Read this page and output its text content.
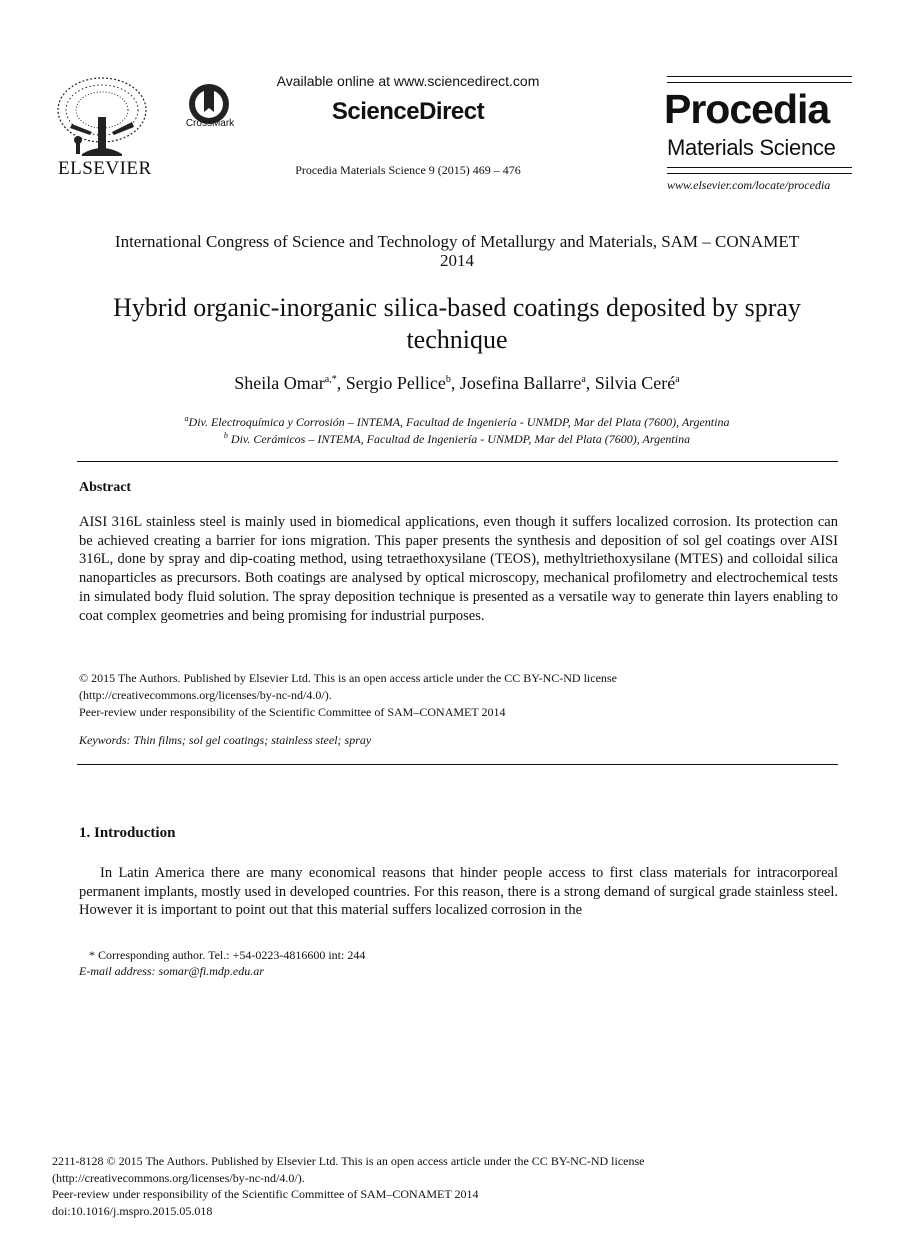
ELSEVIER
CrossMark
Available online at www.sciencedirect.com
ScienceDirect
Procedia Materials Science 9 (2015) 469 – 476
Procedia
Materials Science
www.elsevier.com/locate/procedia
International Congress of Science and Technology of Metallurgy and Materials, SAM – CONAMET 2014
Hybrid organic-inorganic silica-based coatings deposited by spray technique
Sheila Omar$^{a,*}$, Sergio Pellice$^b$, Josefina Ballarre$^a$, Silvia Ceré$^a$
$^a$Div. Electroquímica y Corrosión – INTEMA, Facultad de Ingeniería - UNMDP, Mar del Plata (7600), Argentina
$^b$ Div. Cerámicos – INTEMA, Facultad de Ingeniería - UNMDP, Mar del Plata (7600), Argentina
Abstract
AISI 316L stainless steel is mainly used in biomedical applications, even though it suffers localized corrosion. Its protection can be achieved creating a barrier for ions migration. This paper presents the synthesis and deposition of sol gel coatings over AISI 316L, done by spray and dip-coating method, using tetraethoxysilane (TEOS), methyltriethoxysilane (MTES) and colloidal silica nanoparticles as precursors. Both coatings are analysed by optical microscopy, mechanical profilometry and electrochemical tests in simulated body fluid solution. The spray deposition technique is presented as a versatile way to generate thin layers enabling to coat complex geometries and being promising for industrial purposes.
© 2015 The Authors. Published by Elsevier Ltd. This is an open access article under the CC BY-NC-ND license
(http://creativecommons.org/licenses/by-nc-nd/4.0/).
Peer-review under responsibility of the Scientific Committee of SAM–CONAMET 2014
Keywords: Thin films; sol gel coatings; stainless steel; spray
1. Introduction
In Latin America there are many economical reasons that hinder people access to first class materials for intracorporeal permanent implants, mostly used in developed countries. For this reason, there is a strong demand of surgical grade stainless steel. However it is important to point out that this material suffers localized corrosion in the
* Corresponding author. Tel.: +54-0223-4816600 int: 244
E-mail address: somar@fi.mdp.edu.ar
2211-8128 © 2015 The Authors. Published by Elsevier Ltd. This is an open access article under the CC BY-NC-ND license
(http://creativecommons.org/licenses/by-nc-nd/4.0/).
Peer-review under responsibility of the Scientific Committee of SAM–CONAMET 2014
doi:10.1016/j.mspro.2015.05.018
